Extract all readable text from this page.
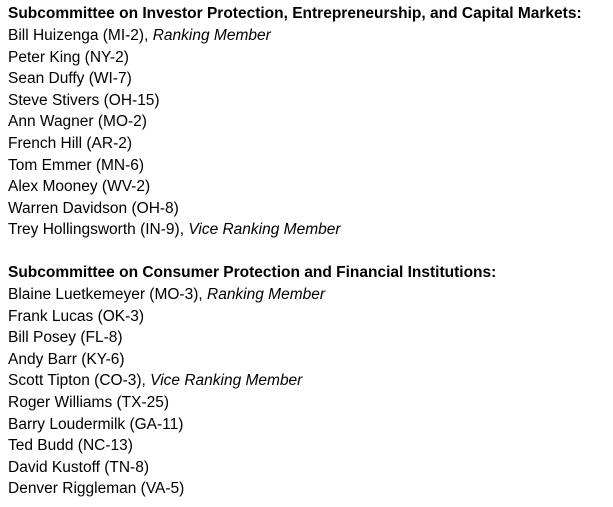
Subcommittee on Investor Protection, Entrepreneurship, and Capital Markets:
Bill Huizenga (MI-2), Ranking Member
Peter King (NY-2)
Sean Duffy (WI-7)
Steve Stivers (OH-15)
Ann Wagner (MO-2)
French Hill (AR-2)
Tom Emmer (MN-6)
Alex Mooney (WV-2)
Warren Davidson (OH-8)
Trey Hollingsworth (IN-9), Vice Ranking Member
Subcommittee on Consumer Protection and Financial Institutions:
Blaine Luetkemeyer (MO-3), Ranking Member
Frank Lucas (OK-3)
Bill Posey (FL-8)
Andy Barr (KY-6)
Scott Tipton (CO-3), Vice Ranking Member
Roger Williams (TX-25)
Barry Loudermilk (GA-11)
Ted Budd (NC-13)
David Kustoff (TN-8)
Denver Riggleman (VA-5)
